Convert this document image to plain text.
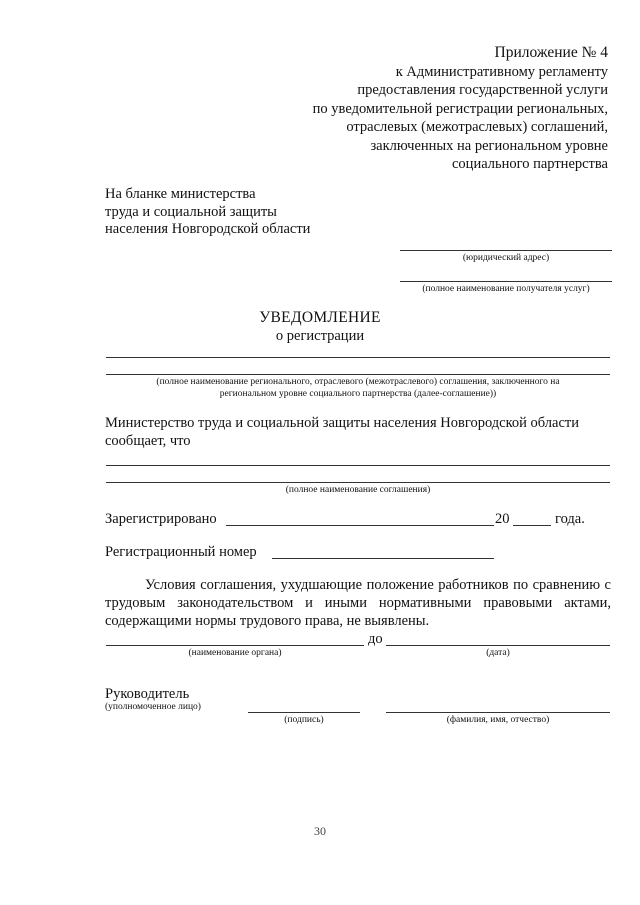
Приложение № 4
к Административному регламенту
предоставления государственной услуги
по уведомительной регистрации региональных,
отраслевых (межотраслевых) соглашений,
заключенных на региональном уровне
социального партнерства
На бланке министерства
труда и социальной защиты
населения Новгородской области
(юридический адрес)
(полное наименование получателя услуг)
УВЕДОМЛЕНИЕ
о регистрации
(полное наименование регионального, отраслевого (межотраслевого) соглашения, заключенного на
региональном уровне социального партнерства (далее-соглашение))
Министерство труда и социальной защиты населения Новгородской области
сообщает, что
(полное наименование соглашения)
Зарегистрировано	20	года.
Регистрационный номер
Условия соглашения, ухудшающие положение работников по сравнению с трудовым законодательством и иными нормативными правовыми актами, содержащими нормы трудового права, не выявлены.
до
(наименование органа)	(дата)
Руководитель
(уполномоченное лицо)
(подпись)	(фамилия, имя, отчество)
30
